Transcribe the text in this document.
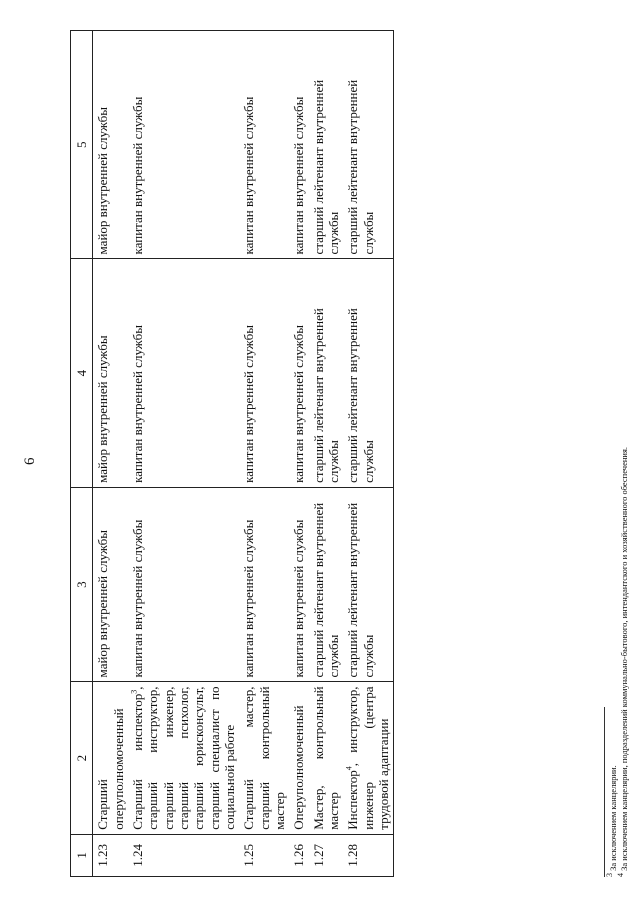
6
1	2	3	4	5
1.23	Старший оперуполномоченный	майор внутренней службы	майор внутренней службы	майор внутренней службы
1.24	Старший инспектор$^3$, старший инструктор, старший инженер, старший психолог, старший юрисконсульт, старший специалист по социальной работе	капитан внутренней службы	капитан внутренней службы	капитан внутренней службы
1.25	Старший мастер, старший контрольный мастер	капитан внутренней службы	капитан внутренней службы	капитан внутренней службы
1.26	Оперуполномоченный	капитан внутренней службы	капитан внутренней службы	капитан внутренней службы
1.27	Мастер, контрольный мастер	старший лейтенант внутренней службы	старший лейтенант внутренней службы	старший лейтенант внутренней службы
1.28	Инспектор$^4$, инструктор, инженер (центра трудовой адаптации	старший лейтенант внутренней службы	старший лейтенант внутренней службы	старший лейтенант внутренней службы
$^3$ За исключением канцелярии.
$^4$ За исключением канцелярии, подразделений коммунально-бытового, интендантского и хозяйственного обеспечения.
